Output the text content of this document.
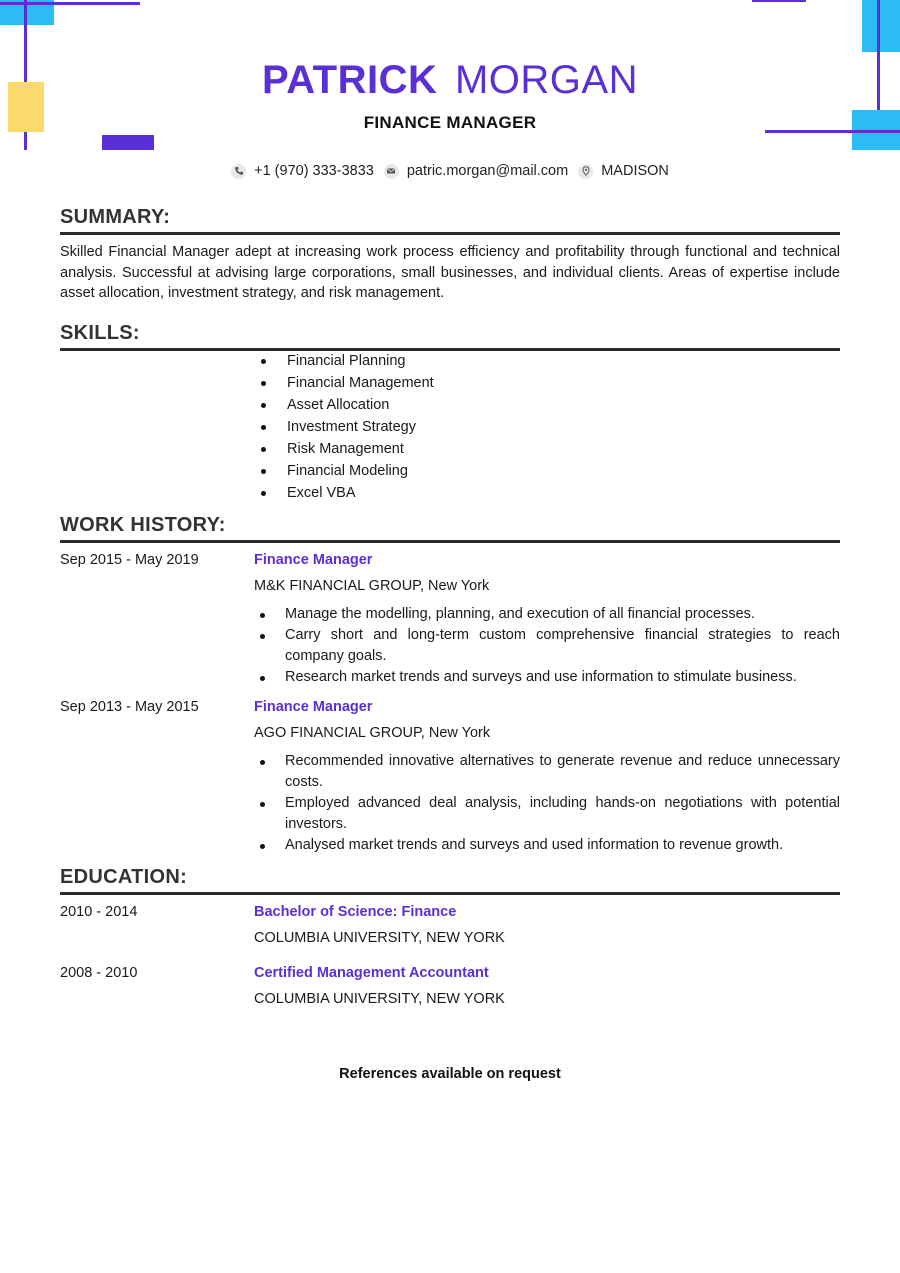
PATRICK MORGAN
FINANCE MANAGER
+1 (970) 333-3833 patric.morgan@mail.com MADISON
SUMMARY:
Skilled Financial Manager adept at increasing work process efficiency and profitability through functional and technical analysis. Successful at advising large corporations, small businesses, and individual clients. Areas of expertise include asset allocation, investment strategy, and risk management.
SKILLS:
Financial Planning
Financial Management
Asset Allocation
Investment Strategy
Risk Management
Financial Modeling
Excel VBA
WORK HISTORY:
Sep 2015 - May 2019	Finance Manager
M&K FINANCIAL GROUP, New York
Manage the modelling, planning, and execution of all financial processes.
Carry short and long-term custom comprehensive financial strategies to reach company goals.
Research market trends and surveys and use information to stimulate business.
Sep 2013 - May 2015	Finance Manager
AGO FINANCIAL GROUP, New York
Recommended innovative alternatives to generate revenue and reduce unnecessary costs.
Employed advanced deal analysis, including hands-on negotiations with potential investors.
Analysed market trends and surveys and used information to revenue growth.
EDUCATION:
2010 - 2014	Bachelor of Science: Finance
COLUMBIA UNIVERSITY, NEW YORK
2008 - 2010	Certified Management Accountant
COLUMBIA UNIVERSITY, NEW YORK
References available on request
